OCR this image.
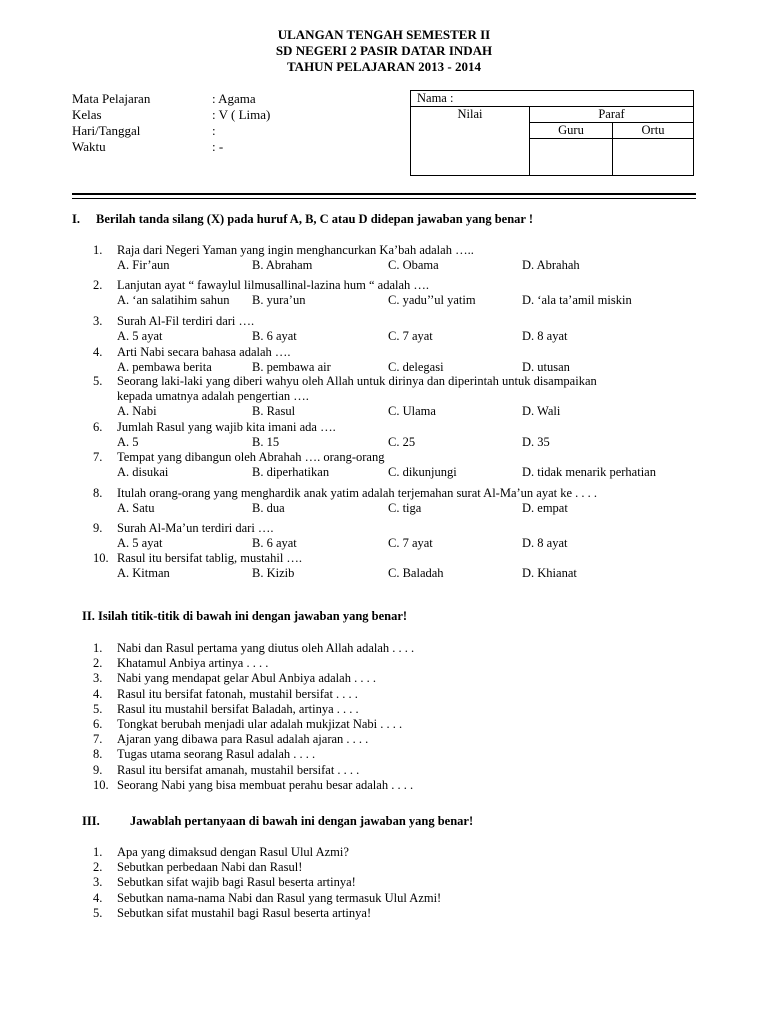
ULANGAN TENGAH SEMESTER II
SD NEGERI 2 PASIR DATAR INDAH
TAHUN PELAJARAN 2013 - 2014
Mata Pelajaran	: Agama
Kelas	: V ( Lima)
Hari/Tanggal	:
Waktu	: -
Nama :		
Nilai	Paraf	
	Guru	Ortu

I. Berilah tanda silang (X) pada huruf A, B, C atau D didepan jawaban yang benar !
1. Raja dari Negeri Yaman yang ingin menghancurkan Ka’bah adalah …..
A. Fir’aun	B. Abraham	C. Obama	D. Abrahah
2. Lanjutan ayat “ fawaylul lilmusallinal-lazina hum “ adalah ….
A. ‘an salatihim sahun B. yura’un	C. yadu’’ul yatim	D. ‘ala ta’amil miskin
3. Surah Al-Fil terdiri dari ….
A. 5 ayat	B. 6 ayat	C. 7 ayat	D. 8 ayat
4. Arti Nabi secara bahasa adalah ….
A. pembawa berita	B. pembawa air	C. delegasi	D. utusan
5. Seorang laki-laki yang diberi wahyu oleh Allah untuk dirinya dan diperintah untuk disampaikan
kepada umatnya adalah pengertian ….
A. Nabi	B. Rasul	C. Ulama	D. Wali
6. Jumlah Rasul yang wajib kita imani ada ….
A. 5	B. 15	C. 25	D. 35
7. Tempat yang dibangun oleh Abrahah …. orang-orang
A. disukai	B. diperhatikan	C. dikunjungi	D. tidak menarik perhatian
8. Itulah orang-orang yang menghardik anak yatim adalah terjemahan surat Al-Ma’un ayat ke . . . .
A. Satu	B. dua	C. tiga	D. empat
9. Surah Al-Ma’un terdiri dari ….
A. 5 ayat	B. 6 ayat	C. 7 ayat	D. 8 ayat
10. Rasul itu bersifat tablig, mustahil ….
A. Kitman	B. Kizib	C. Baladah	D. Khianat
II. Isilah titik-titik di bawah ini dengan jawaban yang benar!
1. Nabi dan Rasul pertama yang diutus oleh Allah adalah . . . .
2. Khatamul Anbiya artinya . . . .
3. Nabi yang mendapat gelar Abul Anbiya adalah . . . .
4. Rasul itu bersifat fatonah, mustahil bersifat . . . .
5. Rasul itu mustahil bersifat Baladah, artinya . . . .
6. Tongkat berubah menjadi ular adalah mukjizat Nabi . . . .
7. Ajaran yang dibawa para Rasul adalah ajaran . . . .
8. Tugas utama seorang Rasul adalah . . . .
9. Rasul itu bersifat amanah, mustahil bersifat . . . .
10. Seorang Nabi yang bisa membuat perahu besar adalah . . . .
III. Jawablah pertanyaan di bawah ini dengan jawaban yang benar!
1. Apa yang dimaksud dengan Rasul Ulul Azmi?
2. Sebutkan perbedaan Nabi dan Rasul!
3. Sebutkan sifat wajib bagi Rasul beserta artinya!
4. Sebutkan nama-nama Nabi dan Rasul yang termasuk Ulul Azmi!
5. Sebutkan sifat mustahil bagi Rasul beserta artinya!
